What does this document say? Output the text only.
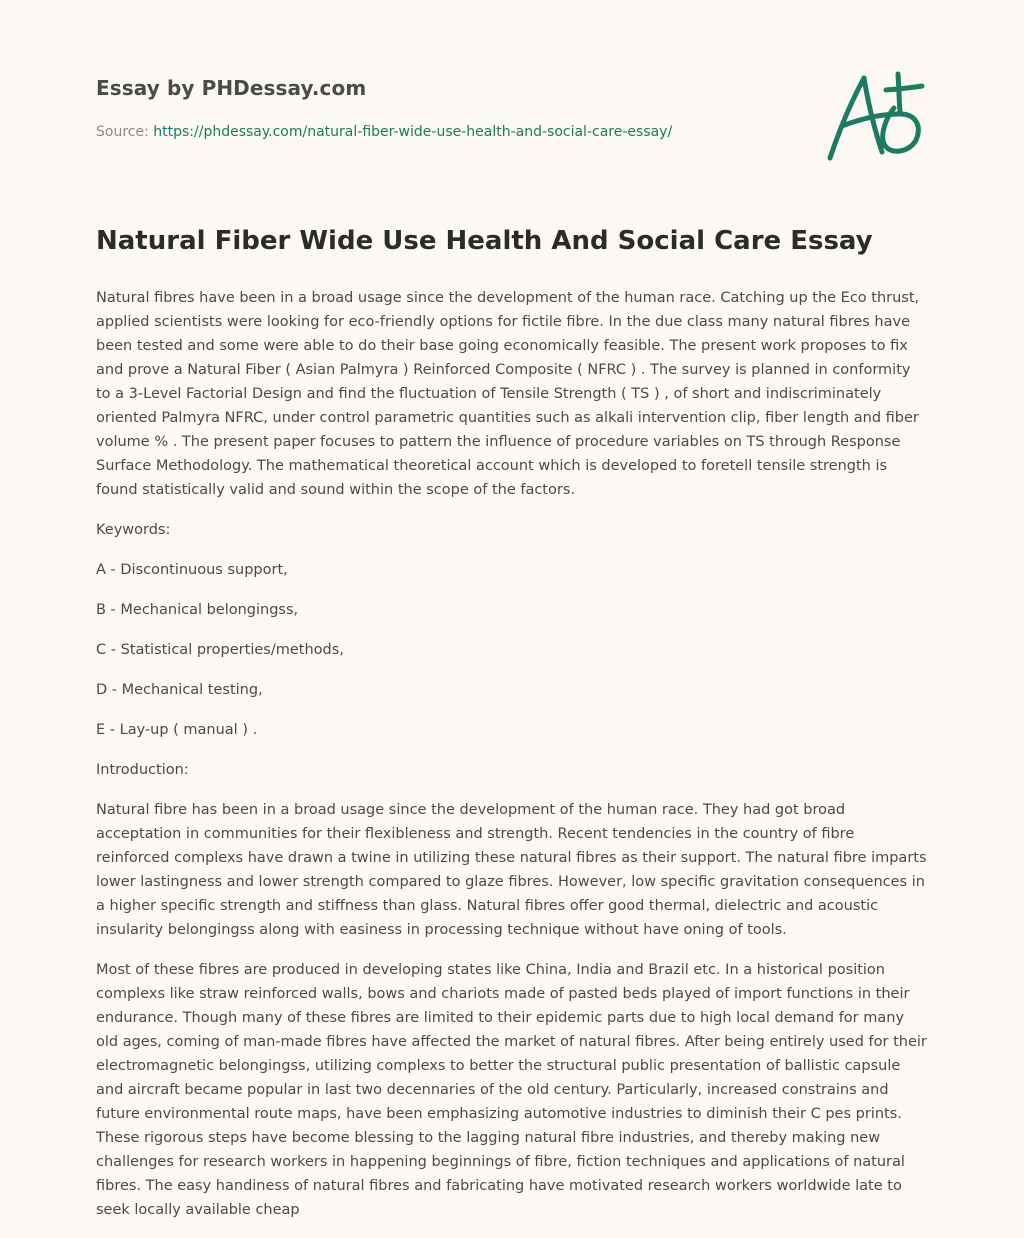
Essay by PHDessay.com
Source: https://phdessay.com/natural-fiber-wide-use-health-and-social-care-essay/
Natural Fiber Wide Use Health And Social Care Essay

Natural fibres have been in a broad usage since the development of the human race. Catching up the Eco thrust, applied scientists were looking for eco-friendly options for fictile fibre. In the due class many natural fibres have been tested and some were able to do their base going economically feasible. The present work proposes to fix and prove a Natural Fiber ( Asian Palmyra ) Reinforced Composite ( NFRC ) . The survey is planned in conformity to a 3-Level Factorial Design and find the fluctuation of Tensile Strength ( TS ) , of short and indiscriminately oriented Palmyra NFRC, under control parametric quantities such as alkali intervention clip, fiber length and fiber volume % . The present paper focuses to pattern the influence of procedure variables on TS through Response Surface Methodology. The mathematical theoretical account which is developed to foretell tensile strength is found statistically valid and sound within the scope of the factors.

Keywords:

A - Discontinuous support,

B - Mechanical belongingss,

C - Statistical properties/methods,

D - Mechanical testing,

E - Lay-up ( manual ) .

Introduction:

Natural fibre has been in a broad usage since the development of the human race. They had got broad acceptation in communities for their flexibleness and strength. Recent tendencies in the country of fibre reinforced complexs have drawn a twine in utilizing these natural fibres as their support. The natural fibre imparts lower lastingness and lower strength compared to glaze fibres. However, low specific gravitation consequences in a higher specific strength and stiffness than glass. Natural fibres offer good thermal, dielectric and acoustic insularity belongingss along with easiness in processing technique without have oning of tools.

Most of these fibres are produced in developing states like China, India and Brazil etc. In a historical position complexs like straw reinforced walls, bows and chariots made of pasted beds played of import functions in their endurance. Though many of these fibres are limited to their epidemic parts due to high local demand for many old ages, coming of man-made fibres have affected the market of natural fibres. After being entirely used for their electromagnetic belongingss, utilizing complexs to better the structural public presentation of ballistic capsule and aircraft became popular in last two decennaries of the old century. Particularly, increased constrains and future environmental route maps, have been emphasizing automotive industries to diminish their C pes prints. These rigorous steps have become blessing to the lagging natural fibre industries, and thereby making new challenges for research workers in happening beginnings of fibre, fiction techniques and applications of natural fibres. The easy handiness of natural fibres and fabricating have motivated research workers worldwide late to seek locally available cheap
